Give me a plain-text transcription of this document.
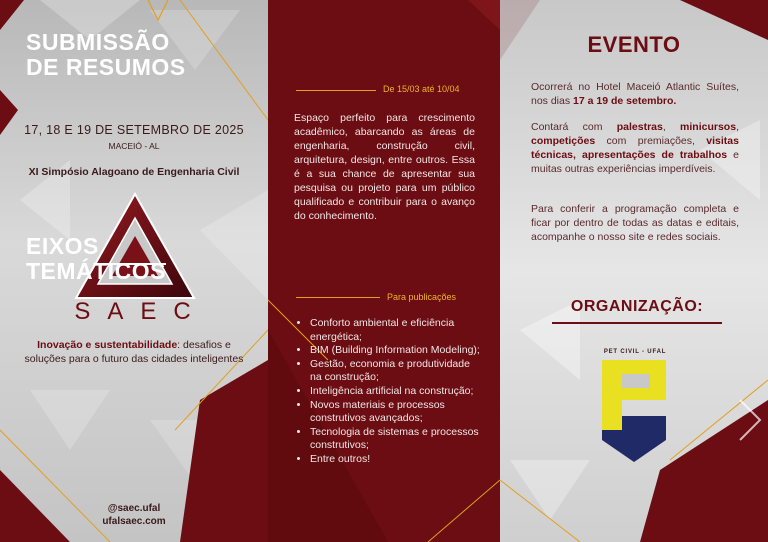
17, 18 E 19 DE SETEMBRO DE 2025
MACEIÓ - AL
XI Simpósio Alagoano de Engenharia Civil
SAEC
Inovação e sustentabilidade: desafios e soluções para o futuro das cidades inteligentes
@saec.ufal
ufalsaec.com
SUBMISSÃO
DE RESUMOS
De 15/03 até 10/04
Espaço perfeito para crescimento acadêmico, abarcando as áreas de engenharia, construção civil, arquitetura, design, entre outros. Essa é a sua chance de apresentar sua pesquisa ou projeto para um público qualificado e contribuir para o avanço do conhecimento.
EIXOS
TEMÁTICOS
Para publicações
• Conforto ambiental e eficiência energética;
• BIM (Building Information Modeling);
• Gestão, economia e produtividade na construção;
• Inteligência artificial na construção;
• Novos materiais e processos construtivos avançados;
• Tecnologia de sistemas e processos construtivos;
• Entre outros!
EVENTO
Ocorrerá no Hotel Maceió Atlantic Suítes, nos dias 17 a 19 de setembro.
Contará com palestras, minicursos, competições com premiações, visitas técnicas, apresentações de trabalhos e muitas outras experiências imperdíveis.
Para conferir a programação completa e ficar por dentro de todas as datas e editais, acompanhe o nosso site e redes sociais.
ORGANIZAÇÃO:
PET CIVIL - UFAL
